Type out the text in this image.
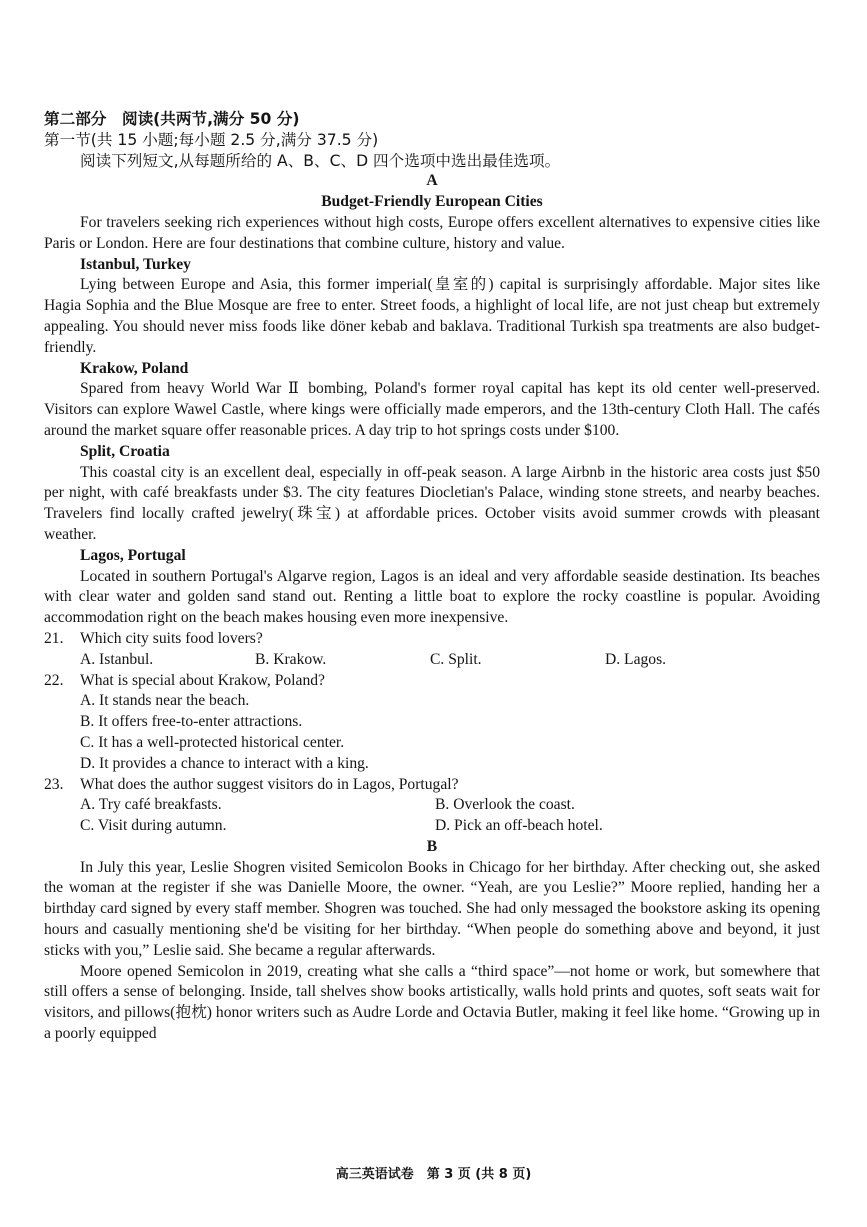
第二部分　阅读(共两节,满分 50 分)

第一节(共 15 小题;每小题 2.5 分,满分 37.5 分)

阅读下列短文,从每题所给的 A、B、C、D 四个选项中选出最佳选项。

A

Budget-Friendly European Cities

For travelers seeking rich experiences without high costs, Europe offers excellent alternatives to expensive cities like Paris or London. Here are four destinations that combine culture, history and value.

Istanbul, Turkey

Lying between Europe and Asia, this former imperial(皇室的) capital is surprisingly affordable. Major sites like Hagia Sophia and the Blue Mosque are free to enter. Street foods, a highlight of local life, are not just cheap but extremely appealing. You should never miss foods like döner kebab and baklava. Traditional Turkish spa treatments are also budget-friendly.

Krakow, Poland

Spared from heavy World War Ⅱ bombing, Poland's former royal capital has kept its old center well-preserved. Visitors can explore Wawel Castle, where kings were officially made emperors, and the 13th-century Cloth Hall. The cafés around the market square offer reasonable prices. A day trip to hot springs costs under $100.

Split, Croatia

This coastal city is an excellent deal, especially in off-peak season. A large Airbnb in the historic area costs just $50 per night, with café breakfasts under $3. The city features Diocletian's Palace, winding stone streets, and nearby beaches. Travelers find locally crafted jewelry(珠宝) at affordable prices. October visits avoid summer crowds with pleasant weather.

Lagos, Portugal

Located in southern Portugal's Algarve region, Lagos is an ideal and very affordable seaside destination. Its beaches with clear water and golden sand stand out. Renting a little boat to explore the rocky coastline is popular. Avoiding accommodation right on the beach makes housing even more inexpensive.

21.	Which city suits food lovers?
A. Istanbul.	B. Krakow.	C. Split.	D. Lagos.
22.	What is special about Krakow, Poland?

A. It stands near the beach.

B. It offers free-to-enter attractions.

C. It has a well-protected historical center.

D. It provides a chance to interact with a king.

23.	What does the author suggest visitors do in Lagos, Portugal?
A. Try café breakfasts.	B. Overlook the coast.
C. Visit during autumn.	D. Pick an off-beach hotel.

B

In July this year, Leslie Shogren visited Semicolon Books in Chicago for her birthday. After checking out, she asked the woman at the register if she was Danielle Moore, the owner. “Yeah, are you Leslie?” Moore replied, handing her a birthday card signed by every staff member. Shogren was touched. She had only messaged the bookstore asking its opening hours and casually mentioning she'd be visiting for her birthday. “When people do something above and beyond, it just sticks with you,” Leslie said. She became a regular afterwards.

Moore opened Semicolon in 2019, creating what she calls a “third space”—not home or work, but somewhere that still offers a sense of belonging. Inside, tall shelves show books artistically, walls hold prints and quotes, soft seats wait for visitors, and pillows(抱枕) honor writers such as Audre Lorde and Octavia Butler, making it feel like home. “Growing up in a poorly equipped

高三英语试卷　第 3 页 (共 8 页)
